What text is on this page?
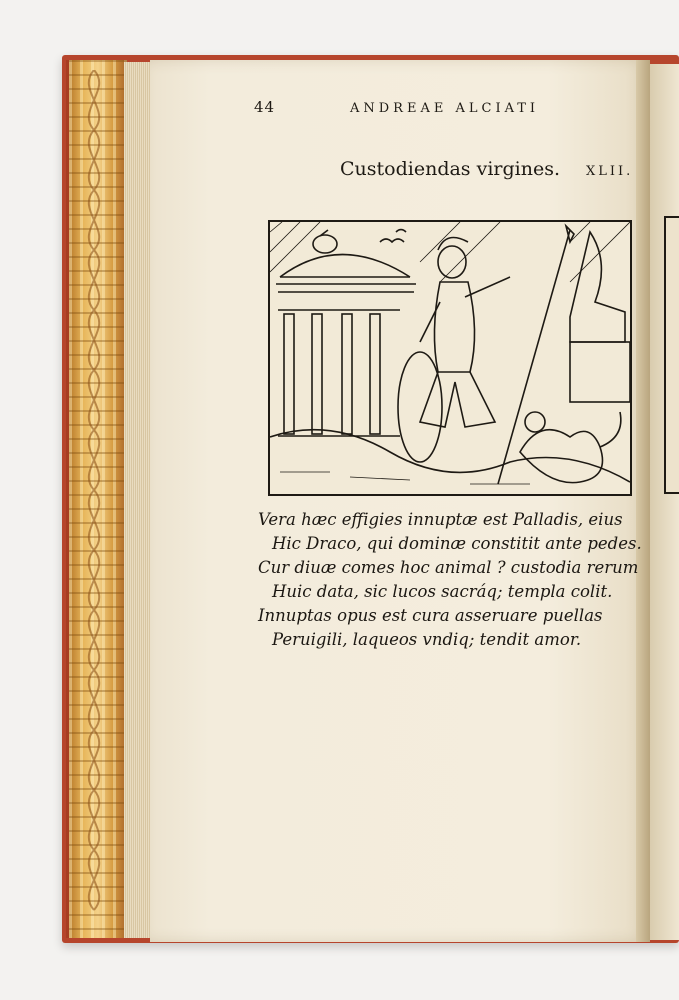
44	ANDREAE ALCIATI
Custodiendas virgines. XLII.
Vera hæc effigies innuptæ est Palladis, eius
Hic Draco, qui dominæ constitit ante pedes.
Cur diuæ comes hoc animal ? custodia rerum
Huic data, sic lucos sacráq; templa colit.
Innuptas opus est cura asseruare puellas
Peruigili, laqueos vndiq; tendit amor.
